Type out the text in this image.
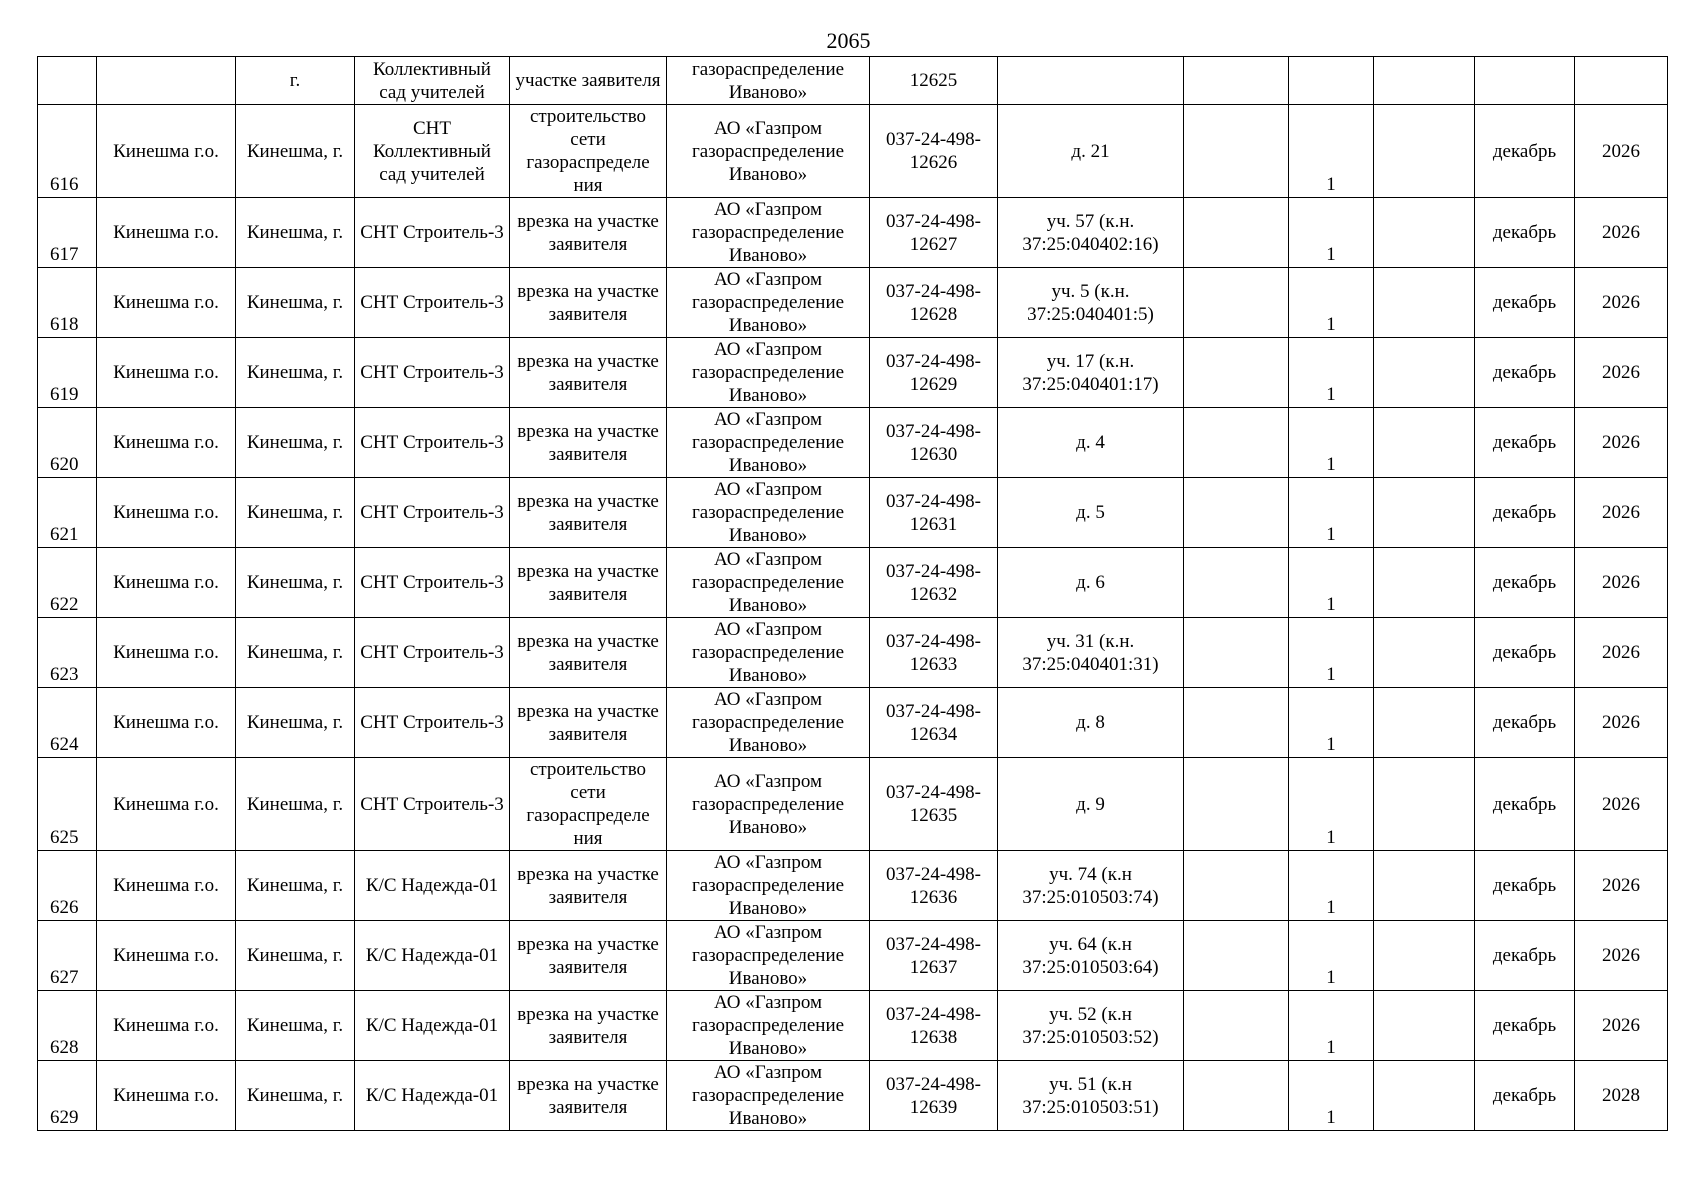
2065
		г.	Коллективный сад учителей	участке заявителя	газораспределение Иваново»	12625						
616	Кинешма г.о.	Кинешма, г.	СНТ Коллективный сад учителей	строительство сети газораспределе ния	АО «Газпром газораспределение Иваново»	037-24-498-12626	д. 21		1		декабрь	2026
617	Кинешма г.о.	Кинешма, г.	СНТ Строитель-3	врезка на участке заявителя	АО «Газпром газораспределение Иваново»	037-24-498-12627	уч. 57 (к.н. 37:25:040402:16)		1		декабрь	2026
618	Кинешма г.о.	Кинешма, г.	СНТ Строитель-3	врезка на участке заявителя	АО «Газпром газораспределение Иваново»	037-24-498-12628	уч. 5 (к.н. 37:25:040401:5)		1		декабрь	2026
619	Кинешма г.о.	Кинешма, г.	СНТ Строитель-3	врезка на участке заявителя	АО «Газпром газораспределение Иваново»	037-24-498-12629	уч. 17 (к.н. 37:25:040401:17)		1		декабрь	2026
620	Кинешма г.о.	Кинешма, г.	СНТ Строитель-3	врезка на участке заявителя	АО «Газпром газораспределение Иваново»	037-24-498-12630	д. 4		1		декабрь	2026
621	Кинешма г.о.	Кинешма, г.	СНТ Строитель-3	врезка на участке заявителя	АО «Газпром газораспределение Иваново»	037-24-498-12631	д. 5		1		декабрь	2026
622	Кинешма г.о.	Кинешма, г.	СНТ Строитель-3	врезка на участке заявителя	АО «Газпром газораспределение Иваново»	037-24-498-12632	д. 6		1		декабрь	2026
623	Кинешма г.о.	Кинешма, г.	СНТ Строитель-3	врезка на участке заявителя	АО «Газпром газораспределение Иваново»	037-24-498-12633	уч. 31 (к.н. 37:25:040401:31)		1		декабрь	2026
624	Кинешма г.о.	Кинешма, г.	СНТ Строитель-3	врезка на участке заявителя	АО «Газпром газораспределение Иваново»	037-24-498-12634	д. 8		1		декабрь	2026
625	Кинешма г.о.	Кинешма, г.	СНТ Строитель-3	строительство сети газораспределе ния	АО «Газпром газораспределение Иваново»	037-24-498-12635	д. 9		1		декабрь	2026
626	Кинешма г.о.	Кинешма, г.	К/С Надежда-01	врезка на участке заявителя	АО «Газпром газораспределение Иваново»	037-24-498-12636	уч. 74 (к.н 37:25:010503:74)		1		декабрь	2026
627	Кинешма г.о.	Кинешма, г.	К/С Надежда-01	врезка на участке заявителя	АО «Газпром газораспределение Иваново»	037-24-498-12637	уч. 64 (к.н 37:25:010503:64)		1		декабрь	2026
628	Кинешма г.о.	Кинешма, г.	К/С Надежда-01	врезка на участке заявителя	АО «Газпром газораспределение Иваново»	037-24-498-12638	уч. 52 (к.н 37:25:010503:52)		1		декабрь	2026
629	Кинешма г.о.	Кинешма, г.	К/С Надежда-01	врезка на участке заявителя	АО «Газпром газораспределение Иваново»	037-24-498-12639	уч. 51 (к.н 37:25:010503:51)		1		декабрь	2028
